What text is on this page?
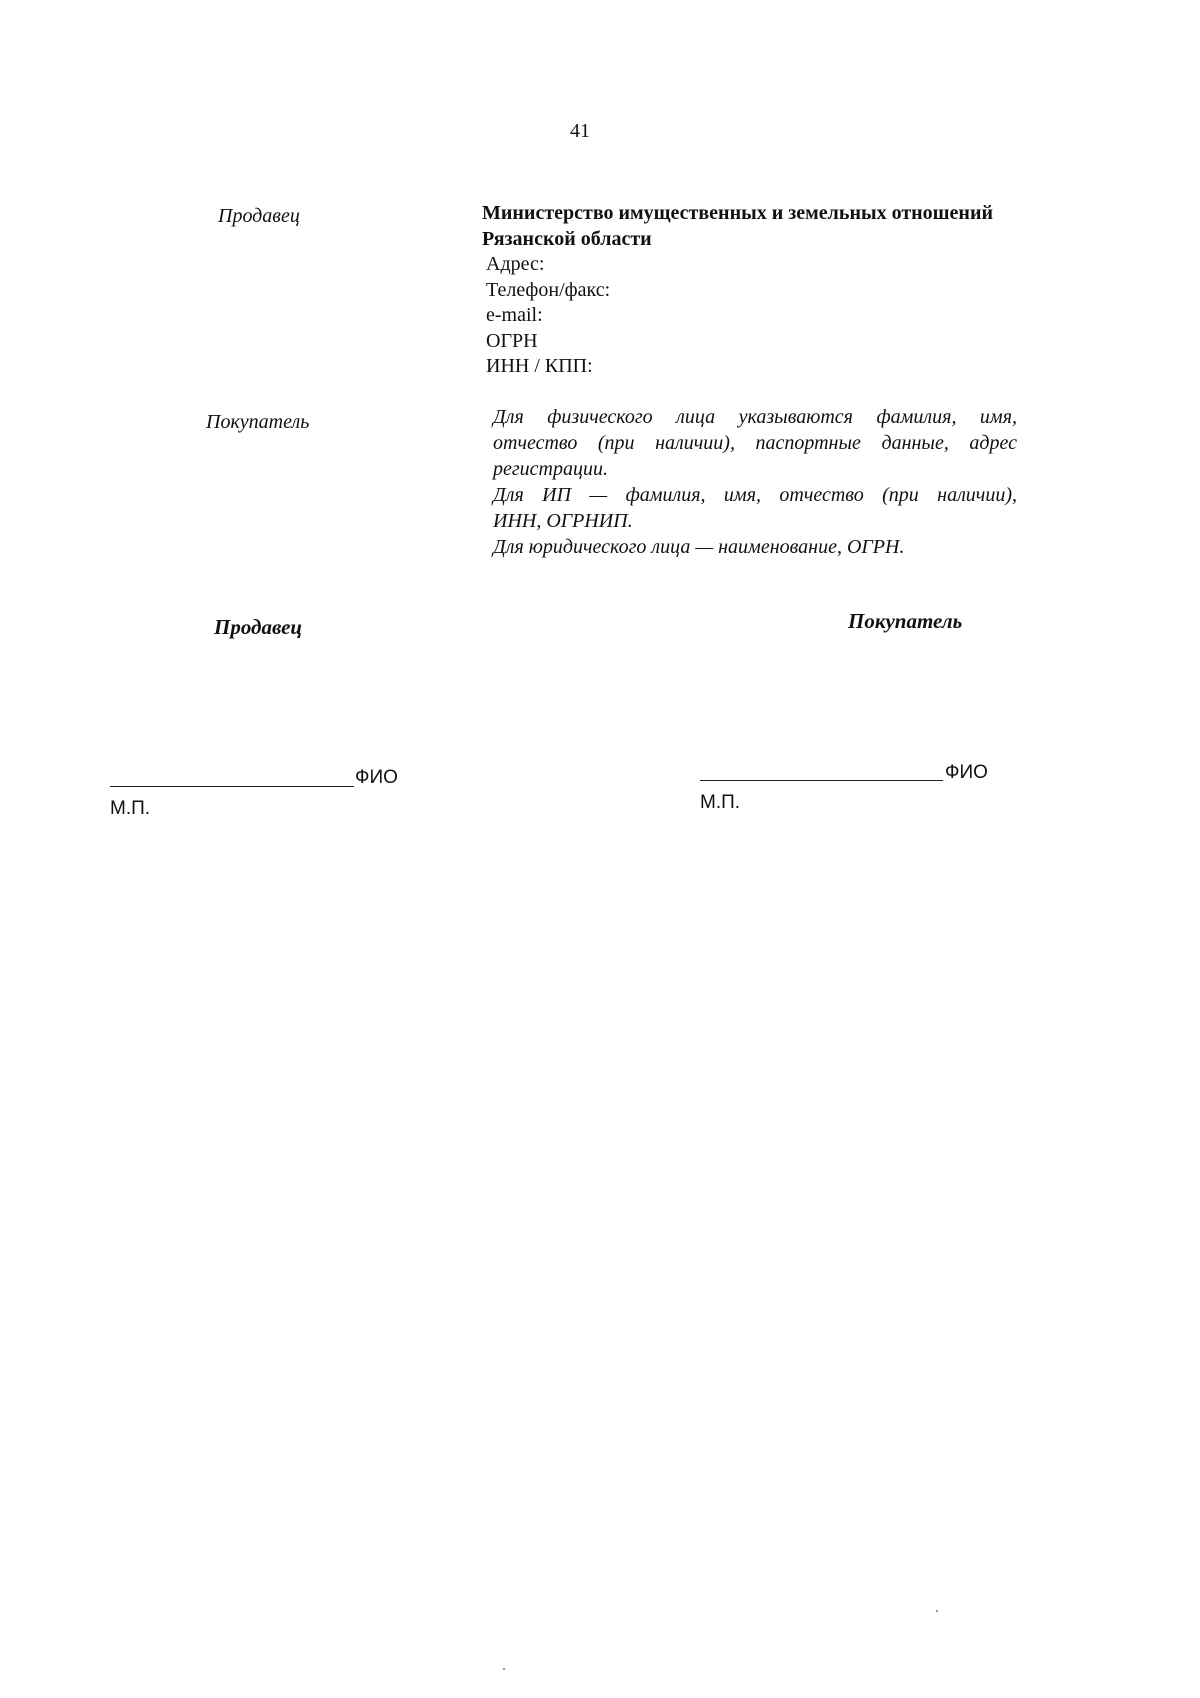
41
Продавец	Министерство имущественных и земельных отношений
Рязанской области
Адрес:
Телефон/факс:
e-mail:
ОГРН
ИНН / КПП:
Покупатель	Для физического лица указываются фамилия, имя,
отчество (при наличии), паспортные данные, адрес
регистрации.
Для ИП — фамилия, имя, отчество (при наличии),
ИНН, ОГРНИП.
Для юридического лица — наименование, ОГРН.
Продавец	Покупатель
ФИО
М.П.
ФИО
М.П.
